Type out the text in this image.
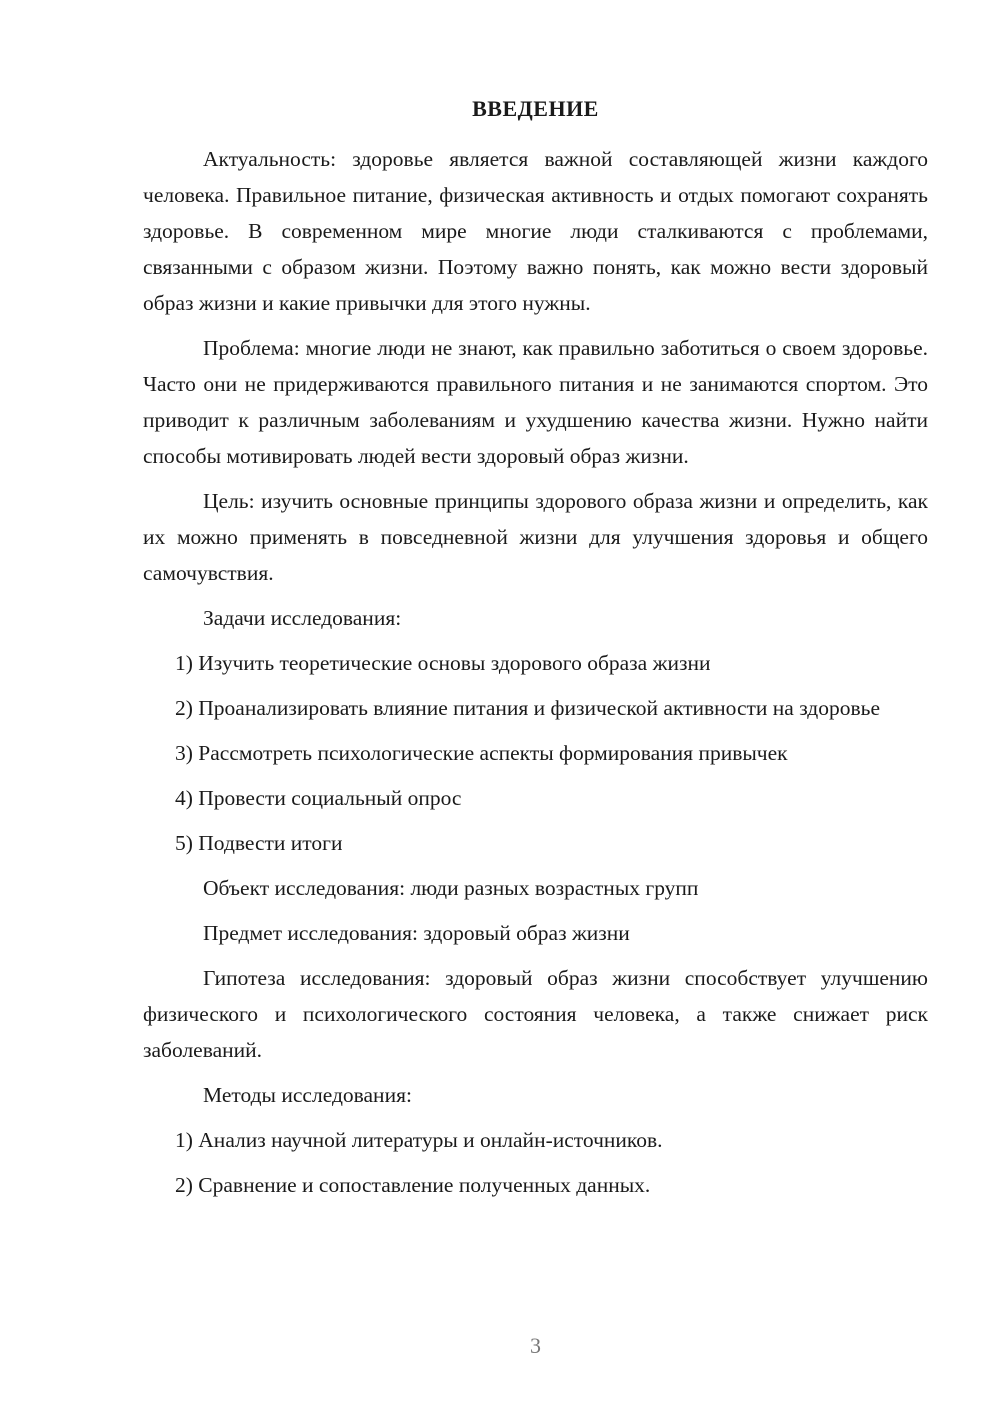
ВВЕДЕНИЕ

Актуальность: здоровье является важной составляющей жизни каждого человека. Правильное питание, физическая активность и отдых помогают сохранять здоровье. В современном мире многие люди сталкиваются с проблемами, связанными с образом жизни. Поэтому важно понять, как можно вести здоровый образ жизни и какие привычки для этого нужны.

Проблема: многие люди не знают, как правильно заботиться о своем здоровье. Часто они не придерживаются правильного питания и не занимаются спортом. Это приводит к различным заболеваниям и ухудшению качества жизни. Нужно найти способы мотивировать людей вести здоровый образ жизни.

Цель: изучить основные принципы здорового образа жизни и определить, как их можно применять в повседневной жизни для улучшения здоровья и общего самочувствия.

Задачи исследования:

1) Изучить теоретические основы здорового образа жизни

2) Проанализировать влияние питания и физической активности на здоровье

3) Рассмотреть психологические аспекты формирования привычек

4) Провести социальный опрос

5) Подвести итоги

Объект исследования: люди разных возрастных групп

Предмет исследования: здоровый образ жизни

Гипотеза исследования: здоровый образ жизни способствует улучшению физического и психологического состояния человека, а также снижает риск заболеваний.

Методы исследования:

1) Анализ научной литературы и онлайн-источников.

2) Сравнение и сопоставление полученных данных.

3
